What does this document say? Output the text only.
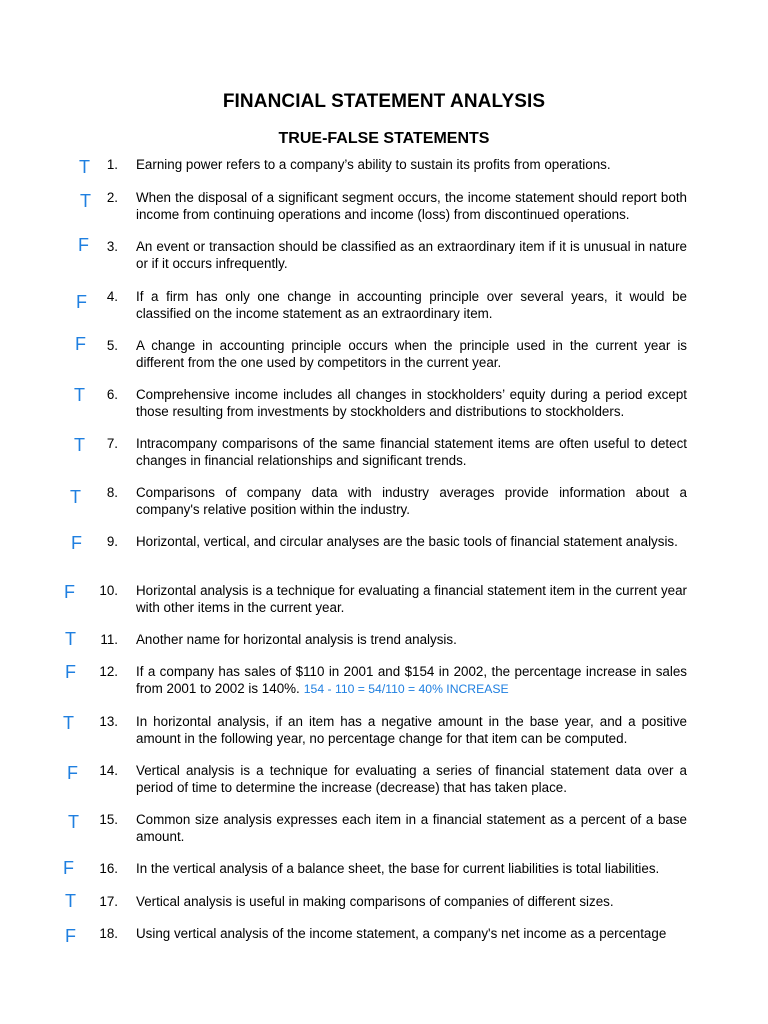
FINANCIAL STATEMENT ANALYSIS
TRUE-FALSE STATEMENTS
T	1. Earning power refers to a company’s ability to sustain its profits from operations.
T	2. When the disposal of a significant segment occurs, the income statement should report both income from continuing operations and income (loss) from discontinued operations.
F	3. An event or transaction should be classified as an extraordinary item if it is unusual in nature or if it occurs infrequently.
F	4. If a firm has only one change in accounting principle over several years, it would be classified on the income statement as an extraordinary item.
F	5. A change in accounting principle occurs when the principle used in the current year is different from the one used by competitors in the current year.
T	6. Comprehensive income includes all changes in stockholders’ equity during a period except those resulting from investments by stockholders and distributions to stockholders.
T	7. Intracompany comparisons of the same financial statement items are often useful to detect changes in financial relationships and significant trends.
T	8. Comparisons of company data with industry averages provide information about a company's relative position within the industry.
F	9. Horizontal, vertical, and circular analyses are the basic tools of financial statement analysis.
F	10. Horizontal analysis is a technique for evaluating a financial statement item in the current year with other items in the current year.
T	11. Another name for horizontal analysis is trend analysis.
F	12. If a company has sales of $110 in 2001 and $154 in 2002, the percentage increase in sales from 2001 to 2002 is 140%. 154 - 110 = 54/110 = 40% INCREASE
T	13. In horizontal analysis, if an item has a negative amount in the base year, and a positive amount in the following year, no percentage change for that item can be computed.
F	14. Vertical analysis is a technique for evaluating a series of financial statement data over a period of time to determine the increase (decrease) that has taken place.
T	15. Common size analysis expresses each item in a financial statement as a percent of a base amount.
F	16. In the vertical analysis of a balance sheet, the base for current liabilities is total liabilities.
T	17. Vertical analysis is useful in making comparisons of companies of different sizes.
F	18. Using vertical analysis of the income statement, a company's net income as a percentage
